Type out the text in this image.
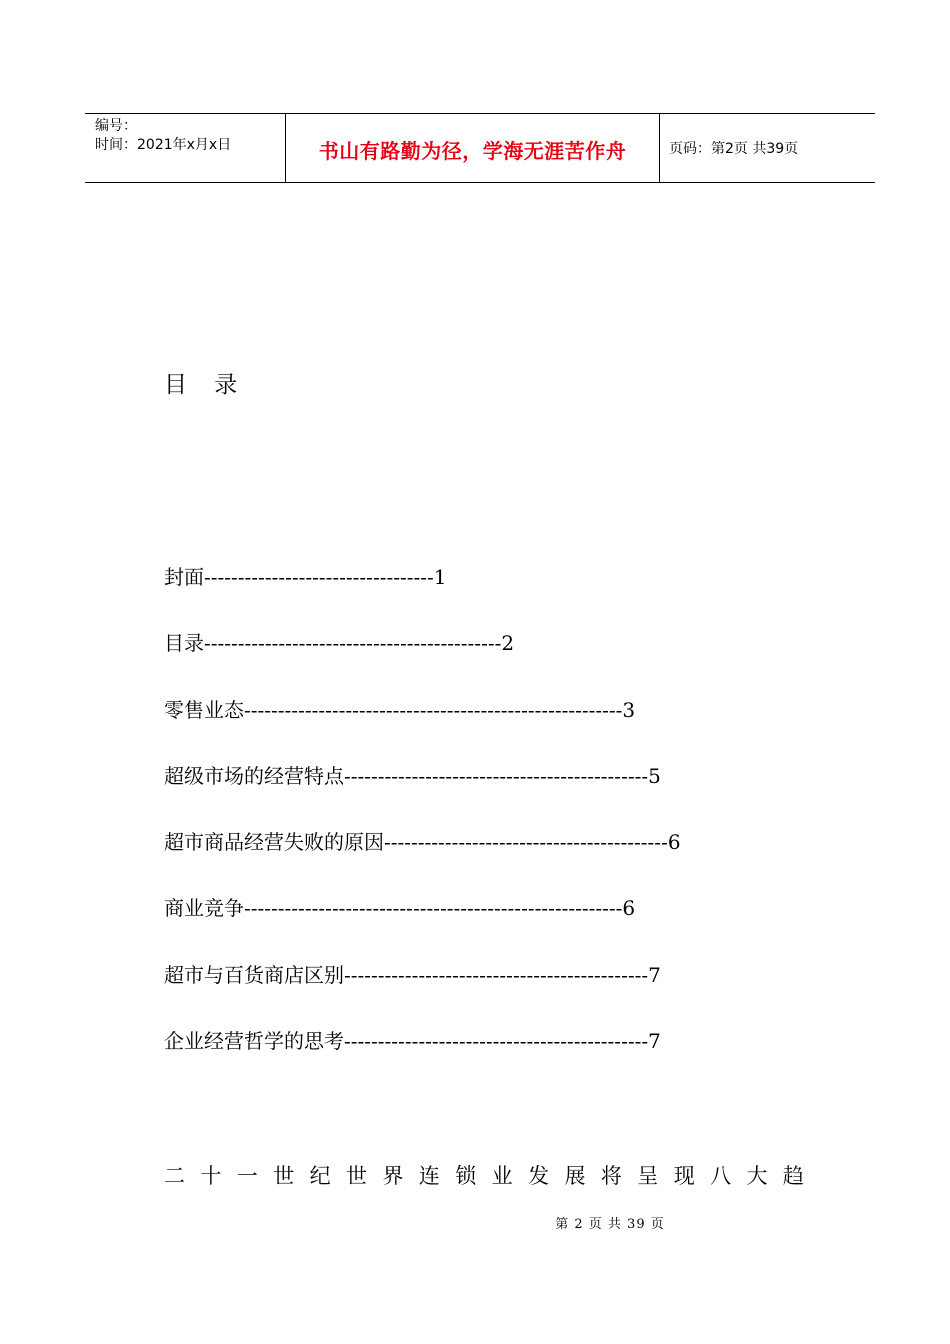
编号：
时间：2021年x月x日	书山有路勤为径，学海无涯苦作舟	页码：第2页 共39页
目 录
封面----------------------------------1
目录--------------------------------------------2
零售业态--------------------------------------------------------3
超级市场的经营特点---------------------------------------------5
超市商品经营失败的原因------------------------------------------6
商业竞争--------------------------------------------------------6
超市与百货商店区别---------------------------------------------7
企业经营哲学的思考---------------------------------------------7
二 十 一 世 纪 世 界 连 锁 业 发 展 将 呈 现 八 大 趋
第 2 页 共 39 页
